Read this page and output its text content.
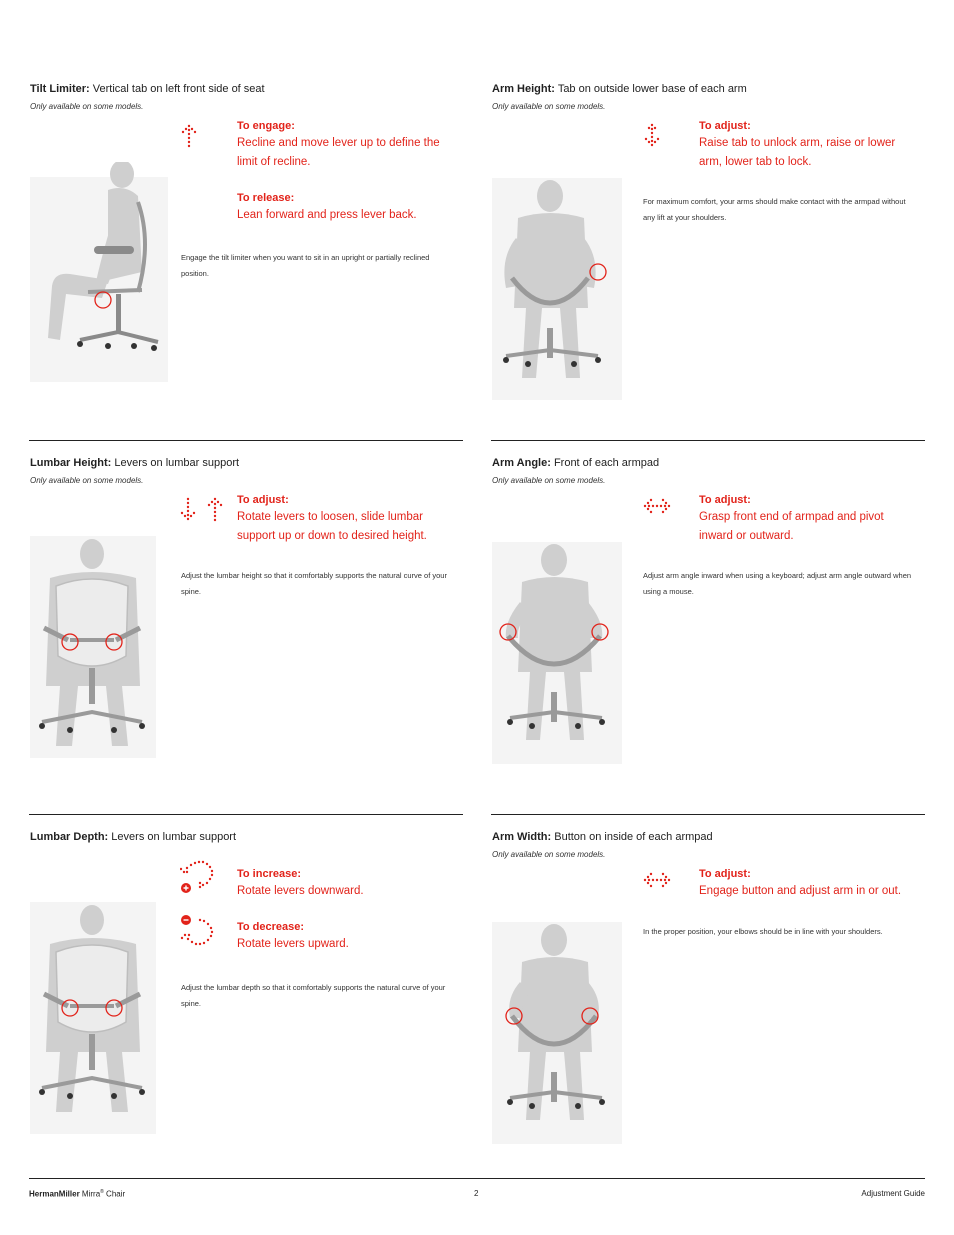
Tilt Limiter: Vertical tab on left front side of seat
Only available on some models.
To engage:
Recline and move lever up to define the limit of recline.
To release:
Lean forward and press lever back.
Engage the tilt limiter when you want to sit in an upright or partially reclined position.
Arm Height: Tab on outside lower base of each arm
Only available on some models.
To adjust:
Raise tab to unlock arm, raise or lower arm, lower tab to lock.
For maximum comfort, your arms should make contact with the armpad without any lift at your shoulders.
Lumbar Height: Levers on lumbar support
Only available on some models.
To adjust:
Rotate levers to loosen, slide lumbar support up or down to desired height.
Adjust the lumbar height so that it comfortably supports the natural curve of your spine.
Arm Angle: Front of each armpad
Only available on some models.
To adjust:
Grasp front end of armpad and pivot inward or outward.
Adjust arm angle inward when using a keyboard; adjust arm angle outward when using a mouse.
Lumbar Depth: Levers on lumbar support
To increase:
Rotate levers downward.
To decrease:
Rotate levers upward.
Adjust the lumbar depth so that it comfortably supports the natural curve of your spine.
Arm Width: Button on inside of each armpad
Only available on some models.
To adjust:
Engage button and adjust arm in or out.
In the proper position, your elbows should be in line with your shoulders.
HermanMiller Mirra® Chair	2	Adjustment Guide
